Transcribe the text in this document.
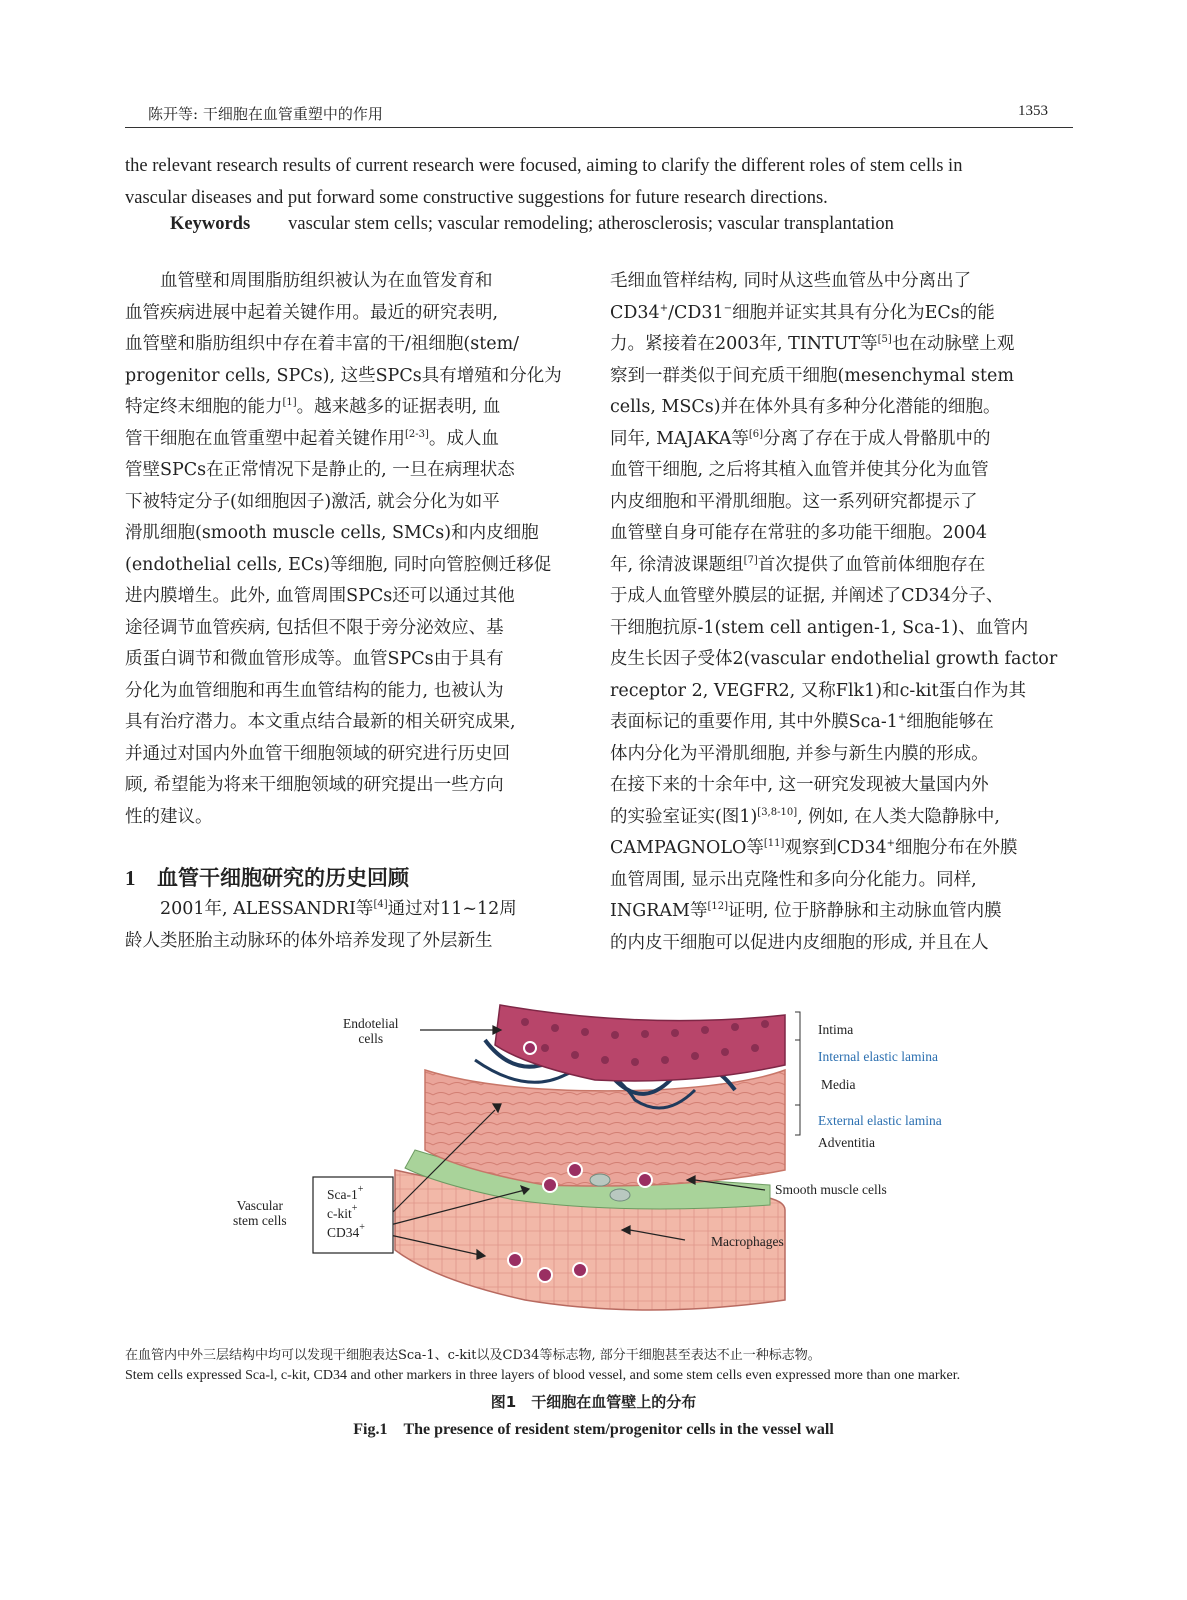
陈开等: 干细胞在血管重塑中的作用	1353
the relevant research results of current research were focused, aiming to clarify the different roles of stem cells in
vascular diseases and put forward some constructive suggestions for future research directions.
Keywords vascular stem cells; vascular remodeling; atherosclerosis; vascular transplantation
　　血管壁和周围脂肪组织被认为在血管发育和
血管疾病进展中起着关键作用。最近的研究表明,
血管壁和脂肪组织中存在着丰富的干/祖细胞(stem/
progenitor cells, SPCs), 这些SPCs具有增殖和分化为
特定终末细胞的能力[1]。越来越多的证据表明, 血
管干细胞在血管重塑中起着关键作用[2-3]。成人血
管壁SPCs在正常情况下是静止的, 一旦在病理状态
下被特定分子(如细胞因子)激活, 就会分化为如平
滑肌细胞(smooth muscle cells, SMCs)和内皮细胞
(endothelial cells, ECs)等细胞, 同时向管腔侧迁移促
进内膜增生。此外, 血管周围SPCs还可以通过其他
途径调节血管疾病, 包括但不限于旁分泌效应、基
质蛋白调节和微血管形成等。血管SPCs由于具有
分化为血管细胞和再生血管结构的能力, 也被认为
具有治疗潜力。本文重点结合最新的相关研究成果,
并通过对国内外血管干细胞领域的研究进行历史回
顾, 希望能为将来干细胞领域的研究提出一些方向
性的建议。
1 血管干细胞研究的历史回顾
　　2001年, ALESSANDRI等[4]通过对11~12周
龄人类胚胎主动脉环的体外培养发现了外层新生
毛细血管样结构, 同时从这些血管丛中分离出了
CD34+/CD31−细胞并证实其具有分化为ECs的能
力。紧接着在2003年, TINTUT等[5]也在动脉壁上观
察到一群类似于间充质干细胞(mesenchymal stem
cells, MSCs)并在体外具有多种分化潜能的细胞。
同年, MAJAKA等[6]分离了存在于成人骨骼肌中的
血管干细胞, 之后将其植入血管并使其分化为血管
内皮细胞和平滑肌细胞。这一系列研究都提示了
血管壁自身可能存在常驻的多功能干细胞。2004
年, 徐清波课题组[7]首次提供了血管前体细胞存在
于成人血管壁外膜层的证据, 并阐述了CD34分子、
干细胞抗原-1(stem cell antigen-1, Sca-1)、血管内
皮生长因子受体2(vascular endothelial growth factor
receptor 2, VEGFR2, 又称Flk1)和c-kit蛋白作为其
表面标记的重要作用, 其中外膜Sca-1+细胞能够在
体内分化为平滑肌细胞, 并参与新生内膜的形成。
在接下来的十余年中, 这一研究发现被大量国内外
的实验室证实(图1)[3,8-10], 例如, 在人类大隐静脉中,
CAMPAGNOLO等[11]观察到CD34+细胞分布在外膜
血管周围, 显示出克隆性和多向分化能力。同样,
INGRAM等[12]证明, 位于脐静脉和主动脉血管内膜
的内皮干细胞可以促进内皮细胞的形成, 并且在人
Endotelial
cells
Intima
Internal elastic lamina
Media
External elastic lamina
Adventitia
Smooth muscle cells
Macrophages
Vascular
stem cells
Sca-1+
c-kit+
CD34+
在血管内中外三层结构中均可以发现干细胞表达Sca-1、c-kit以及CD34等标志物, 部分干细胞甚至表达不止一种标志物。
Stem cells expressed Sca-l, c-kit, CD34 and other markers in three layers of blood vessel, and some stem cells even expressed more than one marker.
图1　干细胞在血管壁上的分布
Fig.1　The presence of resident stem/progenitor cells in the vessel wall
